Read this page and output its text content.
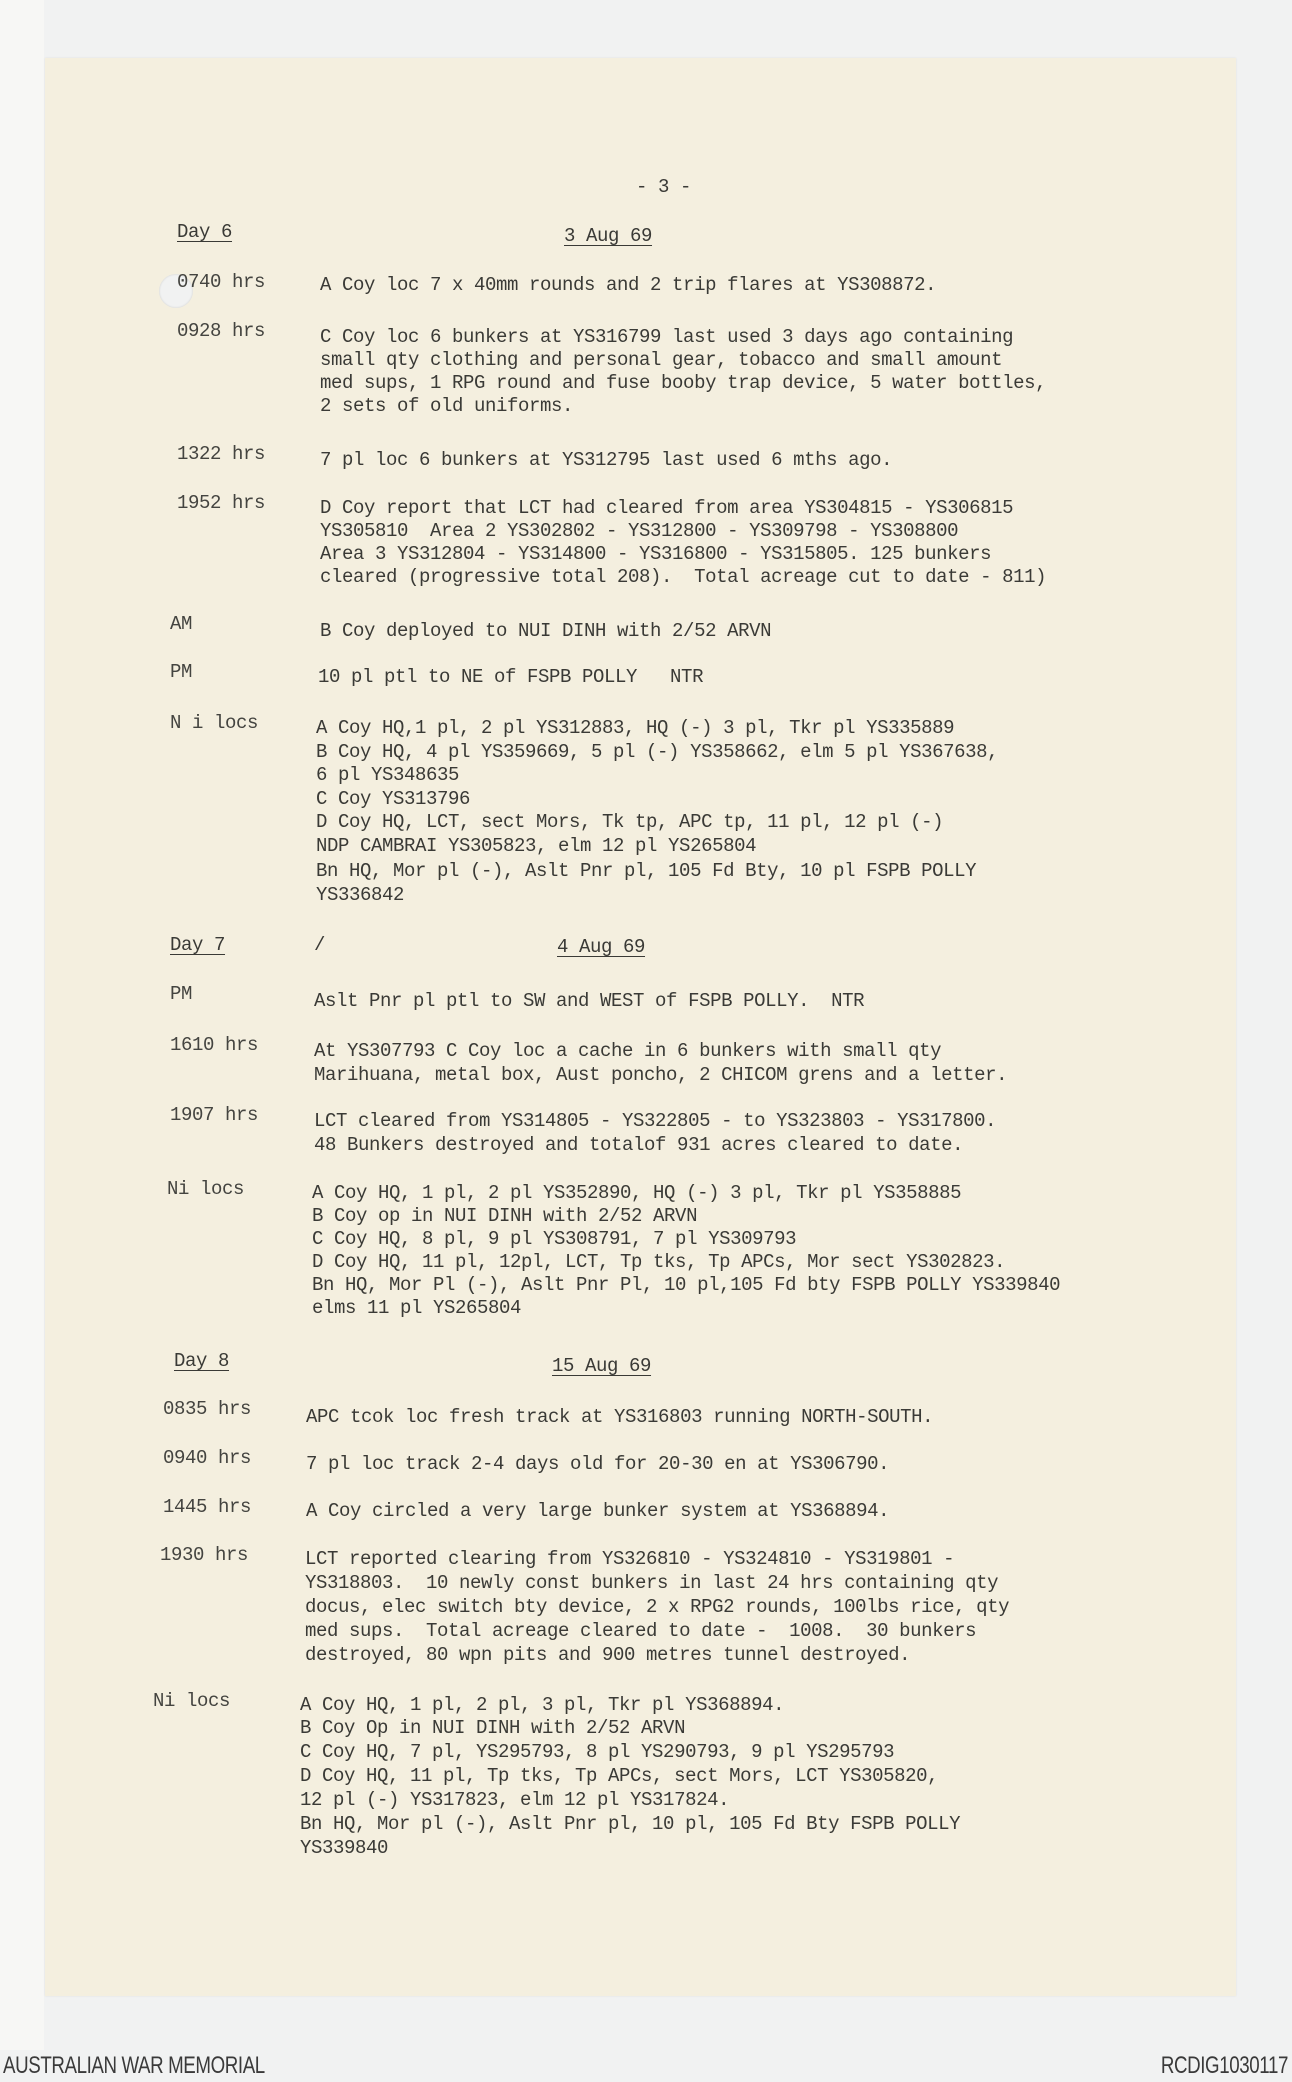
- 3 -
Day 6	3 Aug 69
0740 hrs	A Coy loc 7 x 40mm rounds and 2 trip flares at YS308872.
0928 hrs	C Coy loc 6 bunkers at YS316799 last used 3 days ago containing
small qty clothing and personal gear, tobacco and small amount
med sups, 1 RPG round and fuse booby trap device, 5 water bottles,
2 sets of old uniforms.
1322 hrs	7 pl loc 6 bunkers at YS312795 last used 6 mths ago.
1952 hrs	D Coy report that LCT had cleared from area YS304815 - YS306815
YS305810  Area 2 YS302802 - YS312800 - YS309798 - YS308800
Area 3 YS312804 - YS314800 - YS316800 - YS315805. 125 bunkers
cleared (progressive total 208).  Total acreage cut to date - 811)
AM	B Coy deployed to NUI DINH with 2/52 ARVN
PM	10 pl ptl to NE of FSPB POLLY   NTR
N i locs	A Coy HQ,1 pl, 2 pl YS312883, HQ (-) 3 pl, Tkr pl YS335889
B Coy HQ, 4 pl YS359669, 5 pl (-) YS358662, elm 5 pl YS367638,
6 pl YS348635
C Coy YS313796
D Coy HQ, LCT, sect Mors, Tk tp, APC tp, 11 pl, 12 pl (-)
NDP CAMBRAI YS305823, elm 12 pl YS265804
Bn HQ, Mor pl (-), Aslt Pnr pl, 105 Fd Bty, 10 pl FSPB POLLY
YS336842
Day 7	/	4 Aug 69
PM	Aslt Pnr pl ptl to SW and WEST of FSPB POLLY.  NTR
1610 hrs	At YS307793 C Coy loc a cache in 6 bunkers with small qty
Marihuana, metal box, Aust poncho, 2 CHICOM grens and a letter.
1907 hrs	LCT cleared from YS314805 - YS322805 - to YS323803 - YS317800.
48 Bunkers destroyed and totalof 931 acres cleared to date.
Ni locs	A Coy HQ, 1 pl, 2 pl YS352890, HQ (-) 3 pl, Tkr pl YS358885
B Coy op in NUI DINH with 2/52 ARVN
C Coy HQ, 8 pl, 9 pl YS308791, 7 pl YS309793
D Coy HQ, 11 pl, 12pl, LCT, Tp tks, Tp APCs, Mor sect YS302823.
Bn HQ, Mor Pl (-), Aslt Pnr Pl, 10 pl,105 Fd bty FSPB POLLY YS339840
elms 11 pl YS265804
Day 8	15 Aug 69
0835 hrs	APC tcok loc fresh track at YS316803 running NORTH-SOUTH.
0940 hrs	7 pl loc track 2-4 days old for 20-30 en at YS306790.
1445 hrs	A Coy circled a very large bunker system at YS368894.
1930 hrs	LCT reported clearing from YS326810 - YS324810 - YS319801 -
YS318803.  10 newly const bunkers in last 24 hrs containing qty
docus, elec switch bty device, 2 x RPG2 rounds, 100lbs rice, qty
med sups.  Total acreage cleared to date -  1008.  30 bunkers
destroyed, 80 wpn pits and 900 metres tunnel destroyed.
Ni locs	A Coy HQ, 1 pl, 2 pl, 3 pl, Tkr pl YS368894.
B Coy Op in NUI DINH with 2/52 ARVN
C Coy HQ, 7 pl, YS295793, 8 pl YS290793, 9 pl YS295793
D Coy HQ, 11 pl, Tp tks, Tp APCs, sect Mors, LCT YS305820,
12 pl (-) YS317823, elm 12 pl YS317824.
Bn HQ, Mor pl (-), Aslt Pnr pl, 10 pl, 105 Fd Bty FSPB POLLY
YS339840
AUSTRALIAN WAR MEMORIAL	RCDIG1030117
